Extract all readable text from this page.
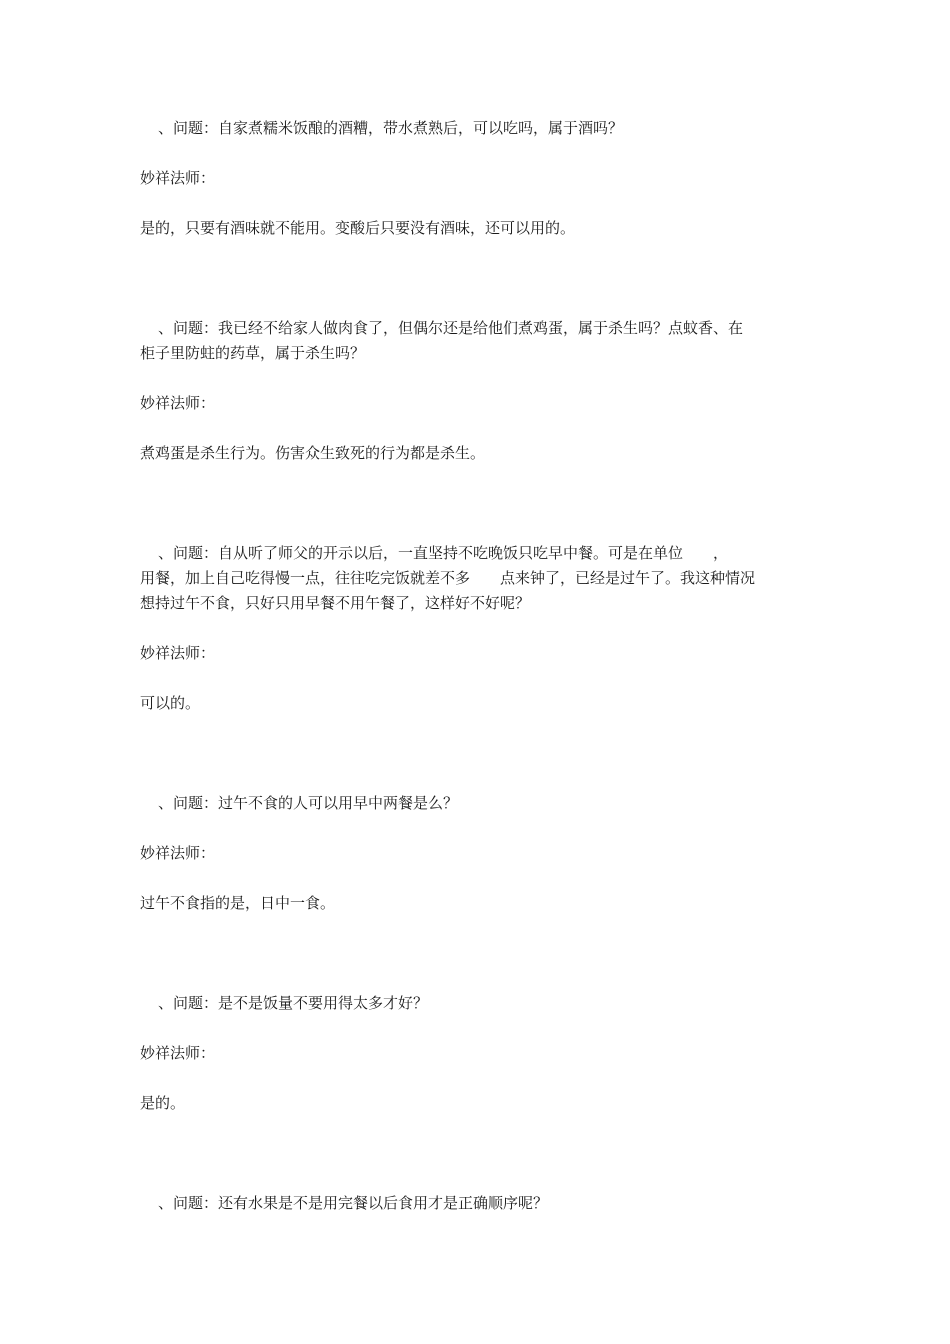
、问题：自家煮糯米饭酿的酒糟，带水煮熟后，可以吃吗，属于酒吗？
妙祥法师：
是的，只要有酒味就不能用。变酸后只要没有酒味，还可以用的。
、问题：我已经不给家人做肉食了，但偶尔还是给他们煮鸡蛋，属于杀生吗？点蚊香、在
柜子里防蛀的药草，属于杀生吗？
妙祥法师：
煮鸡蛋是杀生行为。伤害众生致死的行为都是杀生。
、问题：自从听了师父的开示以后，一直坚持不吃晚饭只吃早中餐。可是在单位　　，
用餐，加上自己吃得慢一点，往往吃完饭就差不多　　点来钟了，已经是过午了。我这种情况
想持过午不食，只好只用早餐不用午餐了，这样好不好呢？
妙祥法师：
可以的。
、问题：过午不食的人可以用早中两餐是么？
妙祥法师：
过午不食指的是，日中一食。
、问题：是不是饭量不要用得太多才好？
妙祥法师：
是的。
、问题：还有水果是不是用完餐以后食用才是正确顺序呢？
